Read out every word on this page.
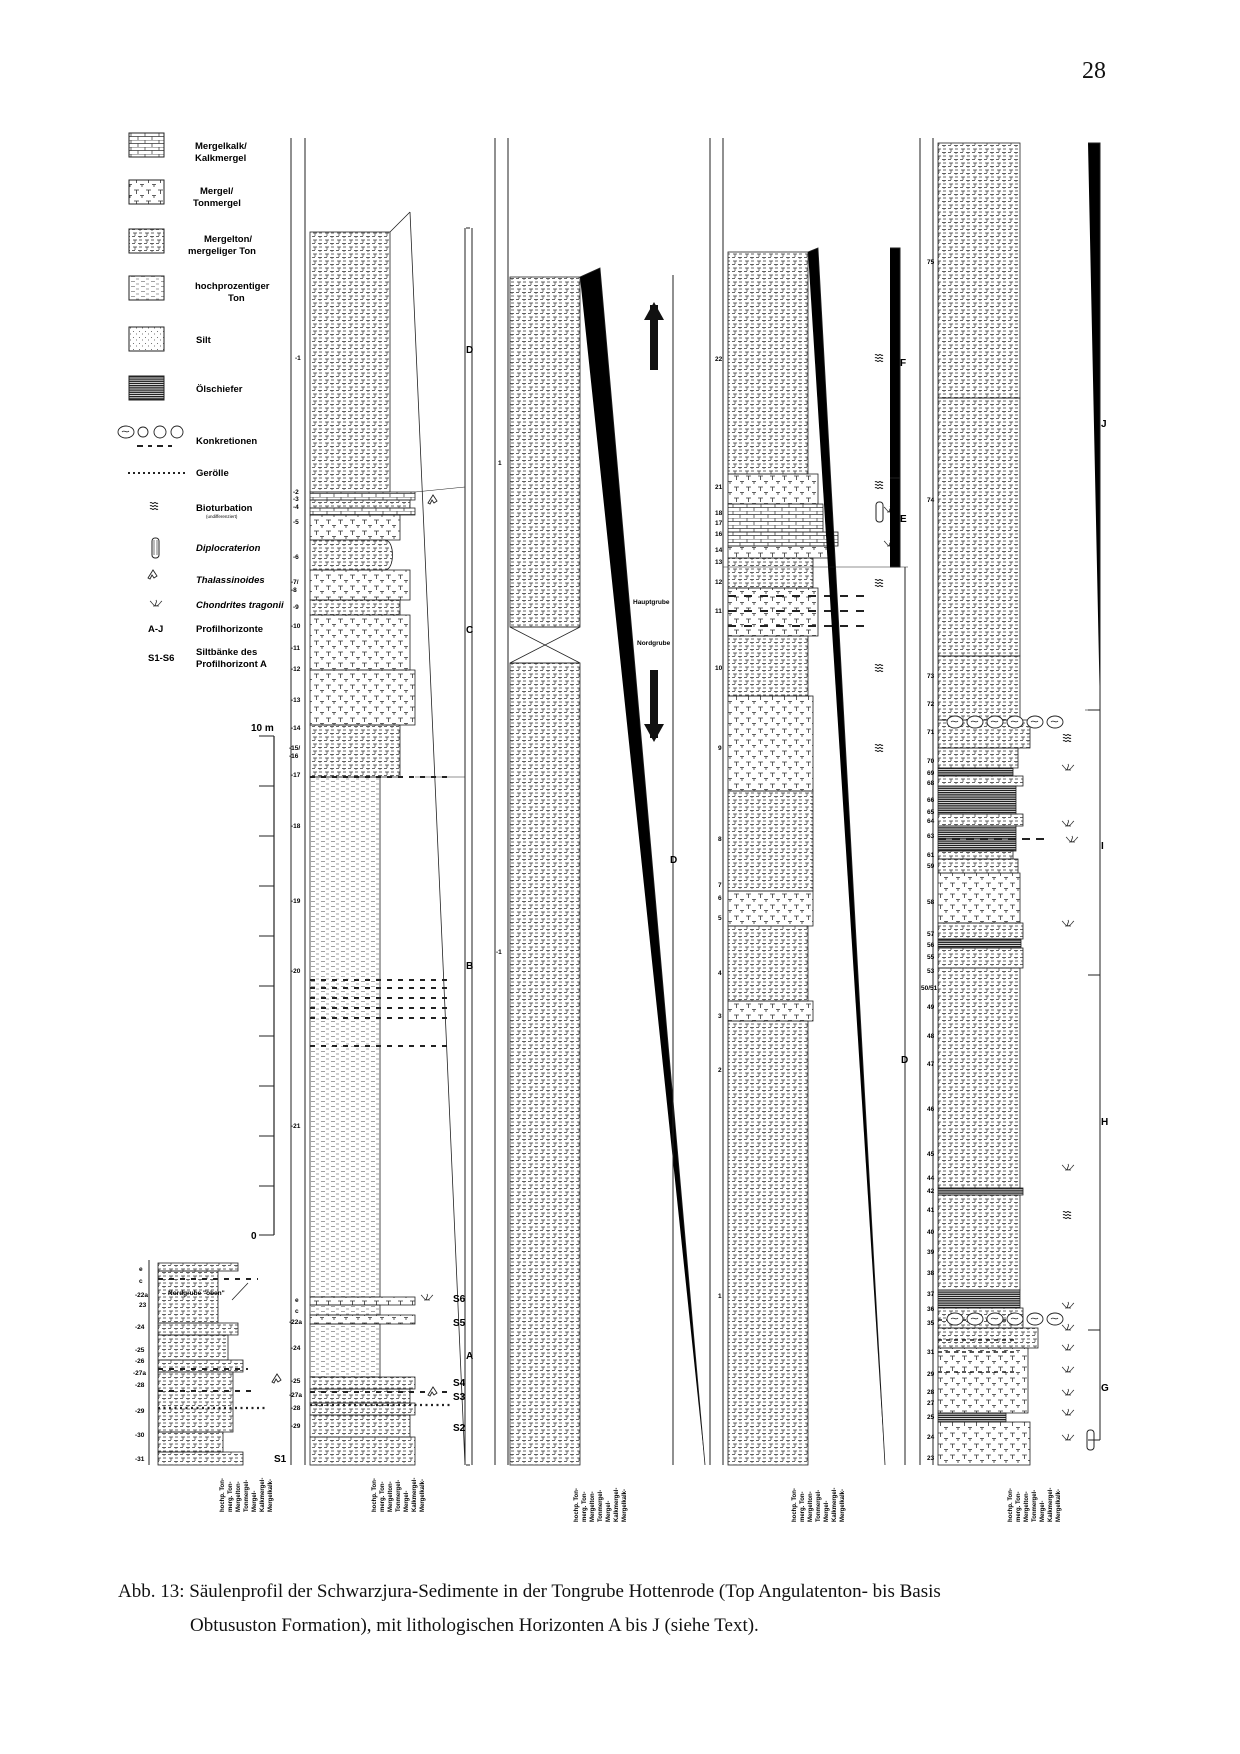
28
Mergelkalk/
Kalkmergel
Mergel/
Tonmergel
Mergelton/
mergeliger Ton
hochprozentiger
Ton
Silt
Ölschiefer
Konkretionen
Gerölle
Bioturbation
(undifferenziert)
Diplocraterion
Thalassinoides
Chondrites tragonii
A-J	Profilhorizonte
S1-S6
Siltbänke des
Profilhorizont A
10 m
0
Nordgrube "oben"
e
c
-22a
23
-24
-25
-26
-27a
-28
-29
-30
-31	S1
-1
-2
-3
-4
-5
-6
-7/
-8
-9
-10
-11
-12
-13
-14
-15/
-16
-17
-18
-19
-20
-21
e
c
-22a
-24
-25
-27a
-28
-29
S6
S5
S4
S3
S2
D
C
B
A
Hauptgrube
Nordgrube
1
-1
D
22
21
18
17
16
14
13
12
11
10
9
8
7
6
5
4
3
2
1
F
E
D
75
74
73
72
71
70
69
68
66
65
64
63
61
59
58
57
56
55
53
50/51
49
48
47
46
45
44
42
41
40
39
38
37
36
35
31
29
28
27
25
24
23
J
I
H
G
hochp. Ton- merg. Ton- Mergelton- Tonmergel- Mergel- Kalkmergel- Mergelkalk-	hochp. Ton- merg. Ton- Mergelton- Tonmergel- Mergel- Kalkmergel- Mergelkalk-	hochp. Ton- merg. Ton- Mergelton- Tonmergel- Mergel- Kalkmergel- Mergelkalk-	hochp. Ton- merg. Ton- Mergelton- Tonmergel- Mergel- Kalkmergel- Mergelkalk-	hochp. Ton- merg. Ton- Mergelton- Tonmergel- Mergel- Kalkmergel- Mergelkalk-
Abb. 13: Säulenprofil der Schwarzjura-Sedimente in der Tongrube Hottenrode (Top Angulatenton- bis Basis
Obtususton Formation), mit lithologischen Horizonten A bis J (siehe Text).
